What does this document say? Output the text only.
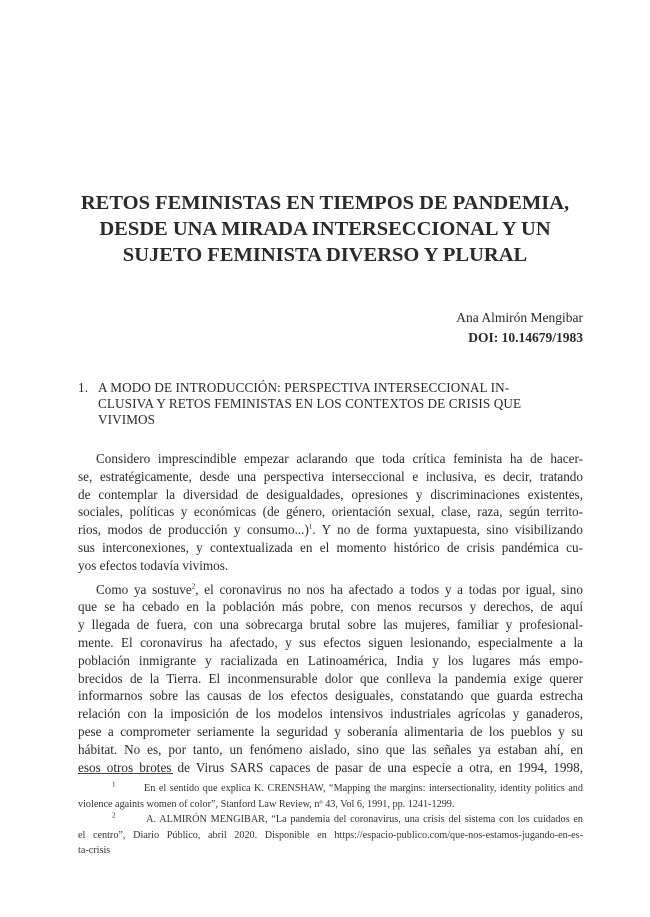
RETOS FEMINISTAS EN TIEMPOS DE PANDEMIA,
DESDE UNA MIRADA INTERSECCIONAL Y UN
SUJETO FEMINISTA DIVERSO Y PLURAL
Ana Almirón Mengibar
DOI: 10.14679/1983
1. A MODO DE INTRODUCCIÓN: PERSPECTIVA INTERSECCIONAL IN-
CLUSIVA Y RETOS FEMINISTAS EN LOS CONTEXTOS DE CRISIS QUE
VIVIMOS
Considero imprescindible empezar aclarando que toda crítica feminista ha de hacer-
se, estratégicamente, desde una perspectiva interseccional e inclusiva, es decir, tratando
de contemplar la diversidad de desigualdades, opresiones y discriminaciones existentes,
sociales, políticas y económicas (de género, orientación sexual, clase, raza, según territo-
rios, modos de producción y consumo...)$^1$. Y no de forma yuxtapuesta, sino visibilizando
sus interconexiones, y contextualizada en el momento histórico de crisis pandémica cu-
yos efectos todavía vivimos.
Como ya sostuve$^2$, el coronavirus no nos ha afectado a todos y a todas por igual, sino
que se ha cebado en la población más pobre, con menos recursos y derechos, de aquí
y llegada de fuera, con una sobrecarga brutal sobre las mujeres, familiar y profesional-
mente. El coronavirus ha afectado, y sus efectos siguen lesionando, especialmente a la
población inmigrante y racializada en Latinoamérica, India y los lugares más empo-
brecidos de la Tierra. El inconmensurable dolor que conlleva la pandemia exige querer
informarnos sobre las causas de los efectos desiguales, constatando que guarda estrecha
relación con la imposición de los modelos intensivos industriales agrícolas y ganaderos,
pese a comprometer seriamente la seguridad y soberanía alimentaria de los pueblos y su
hábitat. No es, por tanto, un fenómeno aislado, sino que las señales ya estaban ahí, en
esos otros brotes de Virus SARS capaces de pasar de una especie a otra, en 1994, 1998,
$^1$	En el sentido que explica K. CRENSHAW, “Mapping the margins: intersectionality, identity politics and
violence againts women of color”, Stanford Law Review, nº 43, Vol 6, 1991, pp. 1241-1299.
$^2$	A. ALMIRÓN MENGIBAR, “La pandemia del coronavirus, una crisis del sistema con los cuidados en
el centro”, Diario Público, abril 2020. Disponible en https://espacio-publico.com/que-nos-estamos-jugando-en-es-
ta-crisis
